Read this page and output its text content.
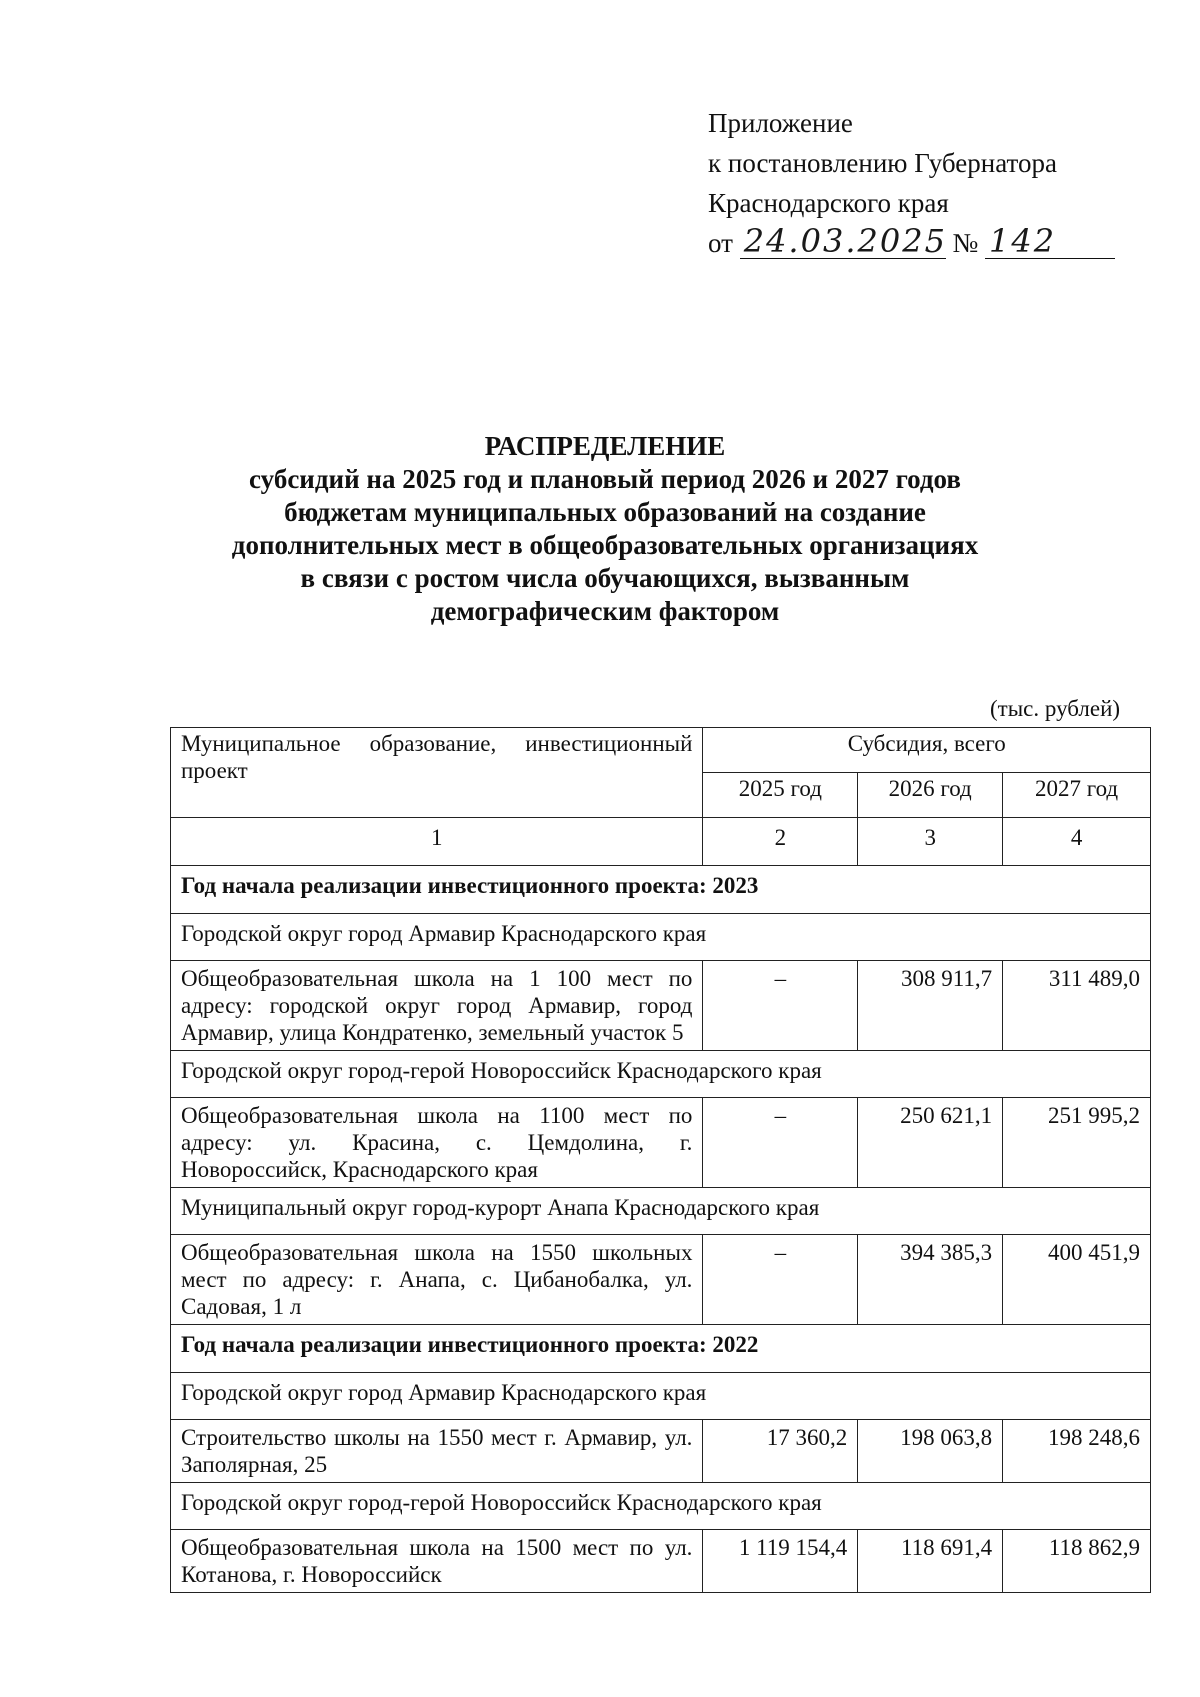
Приложение
к постановлению Губернатора
Краснодарского края
от 24.03.2025 № 142
РАСПРЕДЕЛЕНИЕ
субсидий на 2025 год и плановый период 2026 и 2027 годов
бюджетам муниципальных образований на создание
дополнительных мест в общеобразовательных организациях
в связи с ростом числа обучающихся, вызванным
демографическим фактором
(тыс. рублей)
Муниципальное образование, инвестиционный проект	Субсидия, всего		
	2025 год	2026 год	2027 год
1	2	3	4
Год начала реализации инвестиционного проекта: 2023			
Городской округ город Армавир Краснодарского края			
Общеобразовательная школа на 1 100 мест по адресу: городской округ город Армавир, город Армавир, улица Кондратенко, земельный участок 5	–	308 911,7	311 489,0
Городской округ город-герой Новороссийск Краснодарского края			
Общеобразовательная школа на 1100 мест по адресу: ул. Красина, с. Цемдолина, г. Новороссийск, Краснодарского края	–	250 621,1	251 995,2
Муниципальный округ город-курорт Анапа Краснодарского края			
Общеобразовательная школа на 1550 школьных мест по адресу: г. Анапа, с. Цибанобалка, ул. Садовая, 1 л	–	394 385,3	400 451,9
Год начала реализации инвестиционного проекта: 2022			
Городской округ город Армавир Краснодарского края			
Строительство школы на 1550 мест г. Армавир, ул. Заполярная, 25	17 360,2	198 063,8	198 248,6
Городской округ город-герой Новороссийск Краснодарского края			
Общеобразовательная школа на 1500 мест по ул. Котанова, г. Новороссийск	1 119 154,4	118 691,4	118 862,9
